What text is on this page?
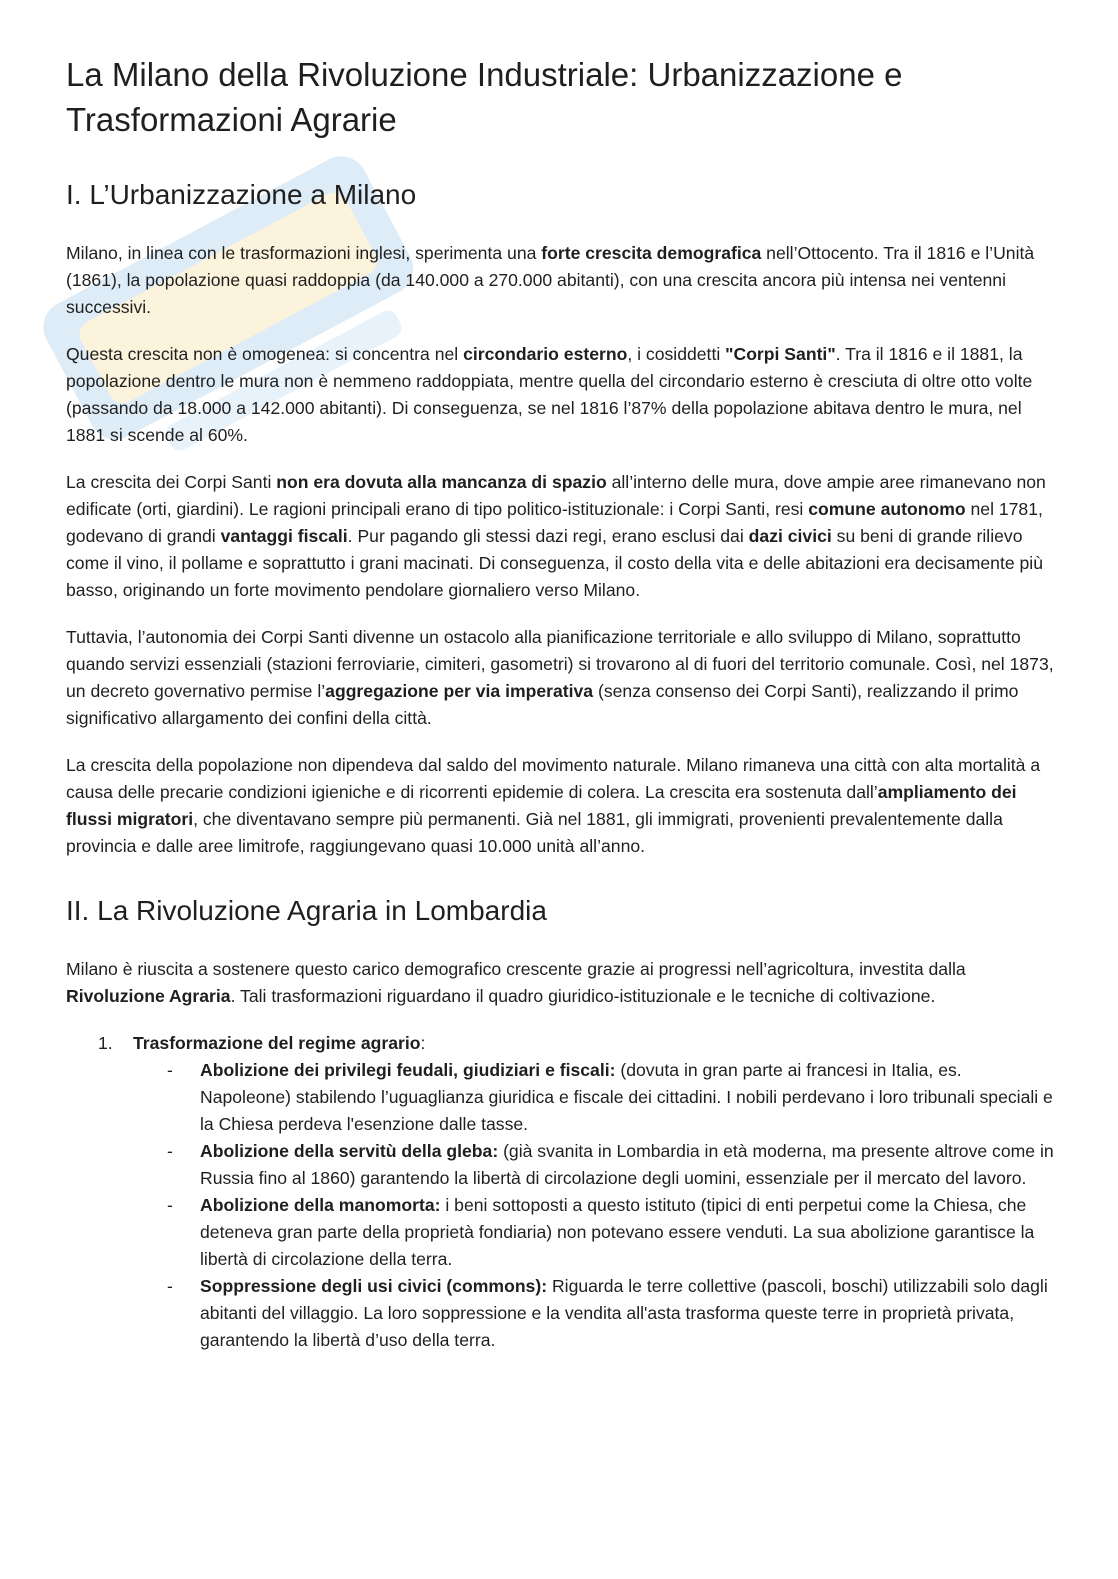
La Milano della Rivoluzione Industriale: Urbanizzazione e Trasformazioni Agrarie
I. L’Urbanizzazione a Milano

Milano, in linea con le trasformazioni inglesi, sperimenta una forte crescita demografica nell’Ottocento. Tra il 1816 e l’Unità (1861), la popolazione quasi raddoppia (da 140.000 a 270.000 abitanti), con una crescita ancora più intensa nei ventenni successivi.

Questa crescita non è omogenea: si concentra nel circondario esterno, i cosiddetti "Corpi Santi". Tra il 1816 e il 1881, la popolazione dentro le mura non è nemmeno raddoppiata, mentre quella del circondario esterno è cresciuta di oltre otto volte (passando da 18.000 a 142.000 abitanti). Di conseguenza, se nel 1816 l’87% della popolazione abitava dentro le mura, nel 1881 si scende al 60%.

La crescita dei Corpi Santi non era dovuta alla mancanza di spazio all’interno delle mura, dove ampie aree rimanevano non edificate (orti, giardini). Le ragioni principali erano di tipo politico-istituzionale: i Corpi Santi, resi comune autonomo nel 1781, godevano di grandi vantaggi fiscali. Pur pagando gli stessi dazi regi, erano esclusi dai dazi civici su beni di grande rilievo come il vino, il pollame e soprattutto i grani macinati. Di conseguenza, il costo della vita e delle abitazioni era decisamente più basso, originando un forte movimento pendolare giornaliero verso Milano.

Tuttavia, l’autonomia dei Corpi Santi divenne un ostacolo alla pianificazione territoriale e allo sviluppo di Milano, soprattutto quando servizi essenziali (stazioni ferroviarie, cimiteri, gasometri) si trovarono al di fuori del territorio comunale. Così, nel 1873, un decreto governativo permise l’aggregazione per via imperativa (senza consenso dei Corpi Santi), realizzando il primo significativo allargamento dei confini della città.

La crescita della popolazione non dipendeva dal saldo del movimento naturale. Milano rimaneva una città con alta mortalità a causa delle precarie condizioni igieniche e di ricorrenti epidemie di colera. La crescita era sostenuta dall’ampliamento dei flussi migratori, che diventavano sempre più permanenti. Già nel 1881, gli immigrati, provenienti prevalentemente dalla provincia e dalle aree limitrofe, raggiungevano quasi 10.000 unità all’anno.

II. La Rivoluzione Agraria in Lombardia

Milano è riuscita a sostenere questo carico demografico crescente grazie ai progressi nell’agricoltura, investita dalla Rivoluzione Agraria. Tali trasformazioni riguardano il quadro giuridico-istituzionale e le tecniche di coltivazione.

1. Trasformazione del regime agrario:
- Abolizione dei privilegi feudali, giudiziari e fiscali: (dovuta in gran parte ai francesi in Italia, es. Napoleone) stabilendo l’uguaglianza giuridica e fiscale dei cittadini. I nobili perdevano i loro tribunali speciali e la Chiesa perdeva l'esenzione dalle tasse.
- Abolizione della servitù della gleba: (già svanita in Lombardia in età moderna, ma presente altrove come in Russia fino al 1860) garantendo la libertà di circolazione degli uomini, essenziale per il mercato del lavoro.
- Abolizione della manomorta: i beni sottoposti a questo istituto (tipici di enti perpetui come la Chiesa, che deteneva gran parte della proprietà fondiaria) non potevano essere venduti. La sua abolizione garantisce la libertà di circolazione della terra.
- Soppressione degli usi civici (commons): Riguarda le terre collettive (pascoli, boschi) utilizzabili solo dagli abitanti del villaggio. La loro soppressione e la vendita all'asta trasforma queste terre in proprietà privata, garantendo la libertà d’uso della terra.
